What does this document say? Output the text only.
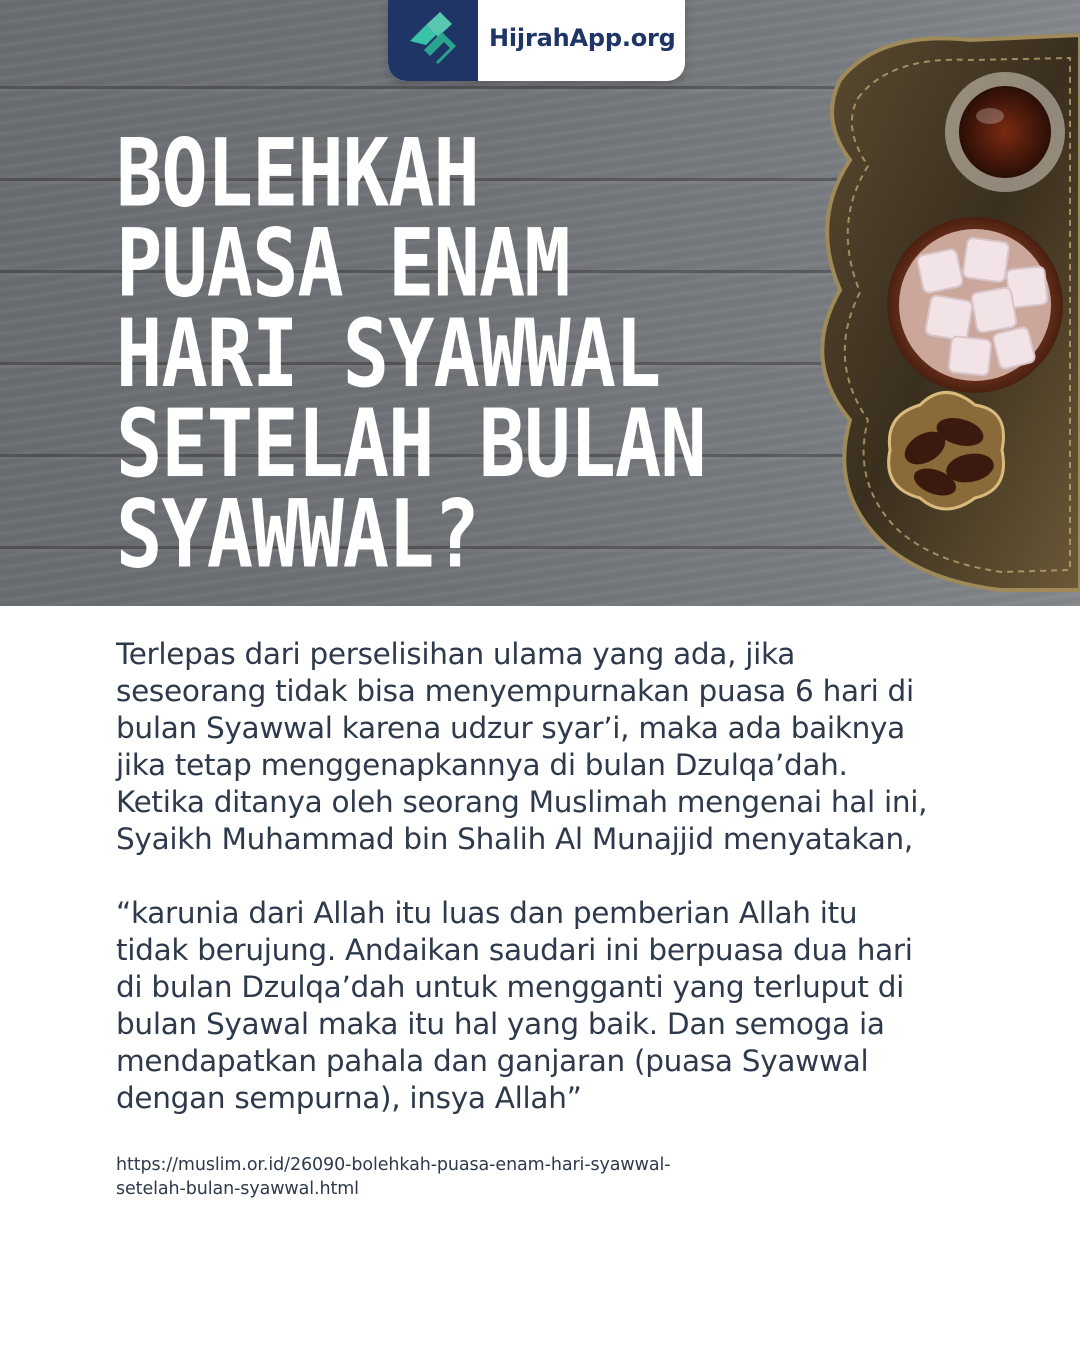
HijrahApp.org
BOLEHKAH
PUASA ENAM
HARI SYAWWAL
SETELAH BULAN
SYAWWAL?

Terlepas dari perselisihan ulama yang ada, jika seseorang tidak bisa menyempurnakan puasa 6 hari di bulan Syawwal karena udzur syar’i, maka ada baiknya jika tetap menggenapkannya di bulan Dzulqa’dah. Ketika ditanya oleh seorang Muslimah mengenai hal ini, Syaikh Muhammad bin Shalih Al Munajjid menyatakan,

“karunia dari Allah itu luas dan pemberian Allah itu tidak berujung. Andaikan saudari ini berpuasa dua hari di bulan Dzulqa’dah untuk mengganti yang terluput di bulan Syawal maka itu hal yang baik. Dan semoga ia mendapatkan pahala dan ganjaran (puasa Syawwal dengan sempurna), insya Allah”

https://muslim.or.id/26090-bolehkah-puasa-enam-hari-syawwal-setelah-bulan-syawwal.html
